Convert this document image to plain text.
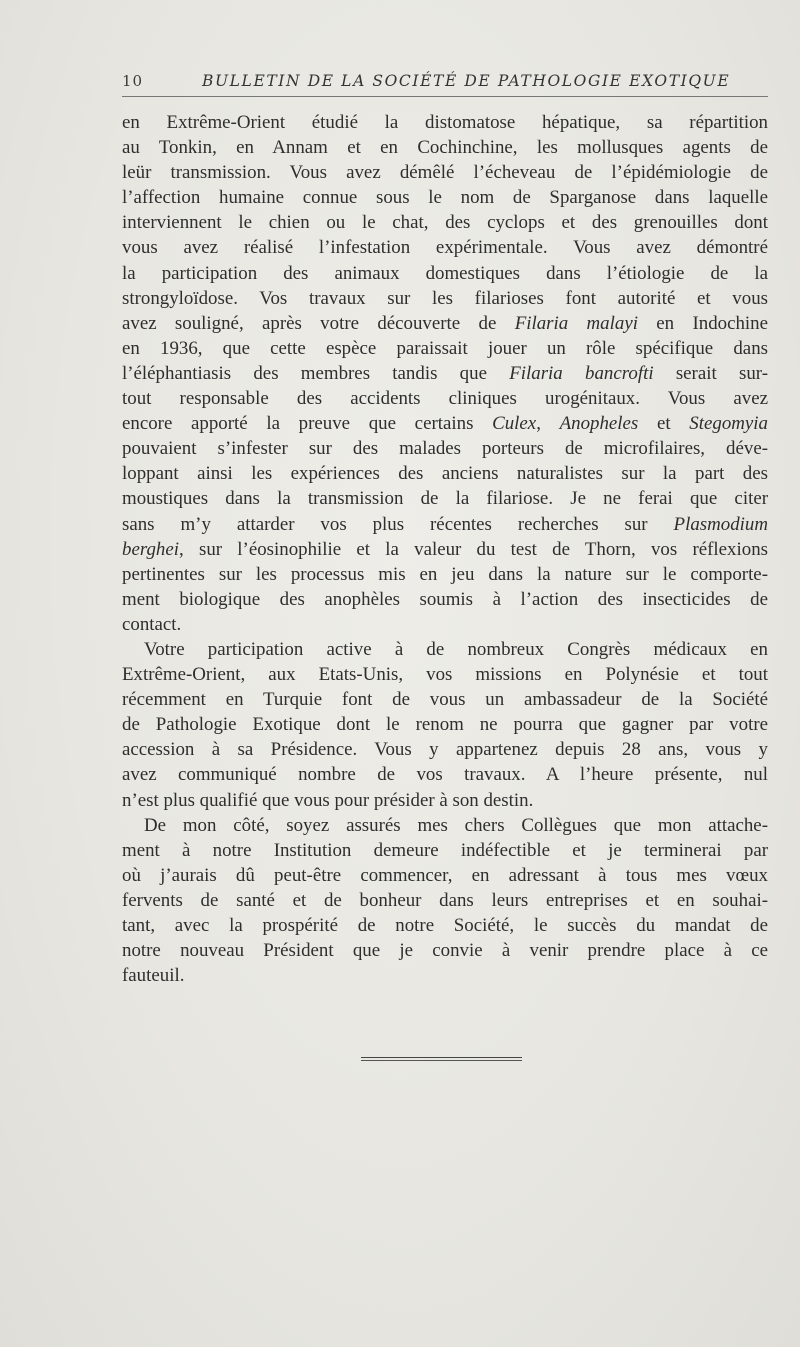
10	BULLETIN DE LA SOCIÉTÉ DE PATHOLOGIE EXOTIQUE
en Extrême-Orient étudié la distomatose hépatique, sa répartition
au Tonkin, en Annam et en Cochinchine, les mollusques agents de
leür transmission. Vous avez démêlé l’écheveau de l’épidémiologie de
l’affection humaine connue sous le nom de Sparganose dans laquelle
interviennent le chien ou le chat, des cyclops et des grenouilles dont
vous avez réalisé l’infestation expérimentale. Vous avez démontré
la participation des animaux domestiques dans l’étiologie de la
strongyloïdose. Vos travaux sur les filarioses font autorité et vous
avez souligné, après votre découverte de Filaria malayi en Indochine
en 1936, que cette espèce paraissait jouer un rôle spécifique dans
l’éléphantiasis des membres tandis que Filaria bancrofti serait sur-
tout responsable des accidents cliniques urogénitaux. Vous avez
encore apporté la preuve que certains Culex, Anopheles et Stegomyia
pouvaient s’infester sur des malades porteurs de microfilaires, déve-
loppant ainsi les expériences des anciens naturalistes sur la part des
moustiques dans la transmission de la filariose. Je ne ferai que citer
sans m’y attarder vos plus récentes recherches sur Plasmodium
berghei, sur l’éosinophilie et la valeur du test de Thorn, vos réflexions
pertinentes sur les processus mis en jeu dans la nature sur le comporte-
ment biologique des anophèles soumis à l’action des insecticides de
contact.
Votre participation active à de nombreux Congrès médicaux en
Extrême-Orient, aux Etats-Unis, vos missions en Polynésie et tout
récemment en Turquie font de vous un ambassadeur de la Société
de Pathologie Exotique dont le renom ne pourra que gagner par votre
accession à sa Présidence. Vous y appartenez depuis 28 ans, vous y
avez communiqué nombre de vos travaux. A l’heure présente, nul
n’est plus qualifié que vous pour présider à son destin.
De mon côté, soyez assurés mes chers Collègues que mon attache-
ment à notre Institution demeure indéfectible et je terminerai par
où j’aurais dû peut-être commencer, en adressant à tous mes vœux
fervents de santé et de bonheur dans leurs entreprises et en souhai-
tant, avec la prospérité de notre Société, le succès du mandat de
notre nouveau Président que je convie à venir prendre place à ce
fauteuil.
